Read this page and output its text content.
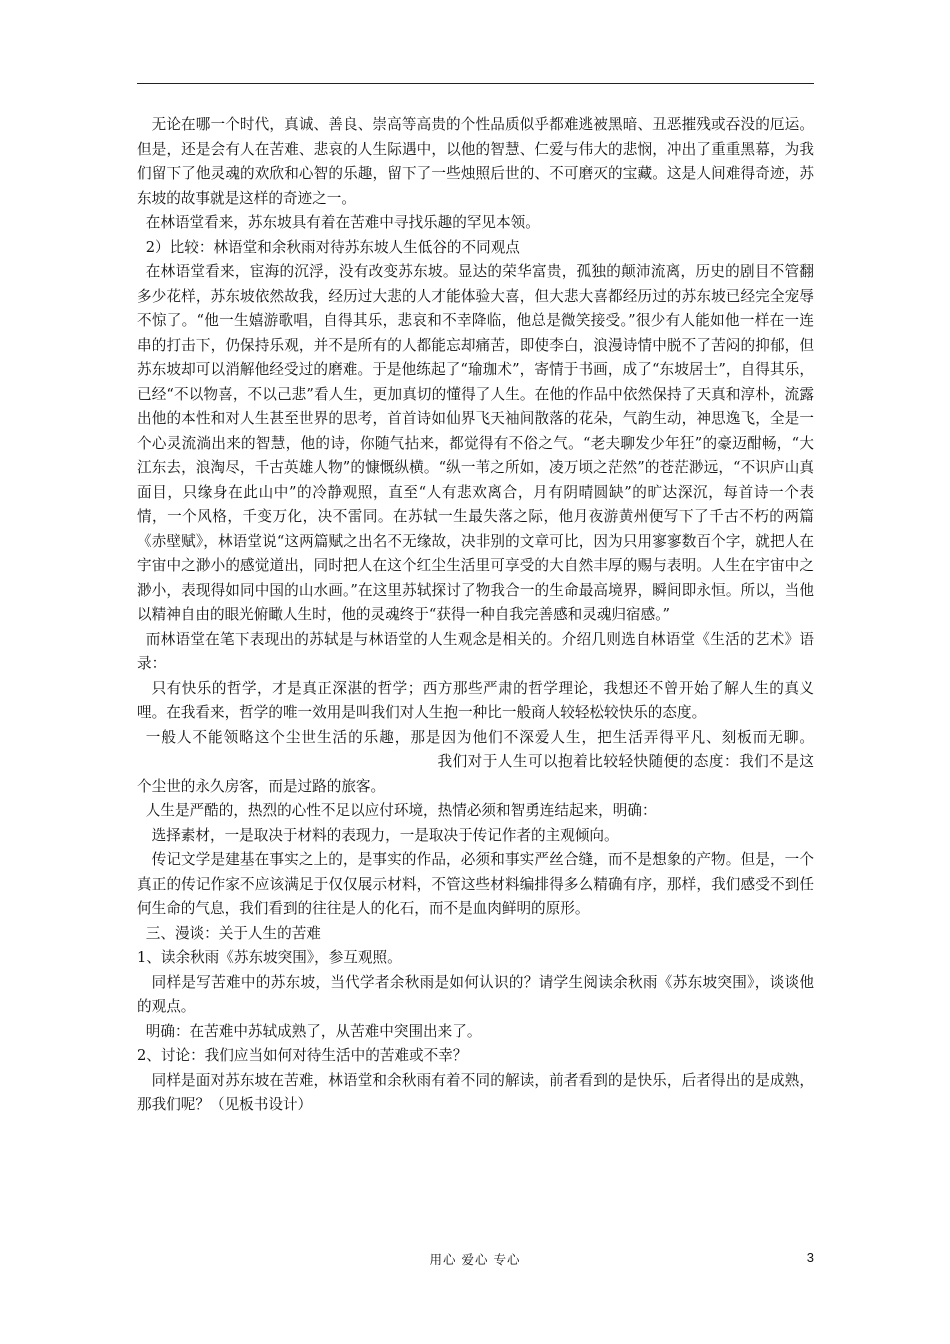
无论在哪一个时代，真诚、善良、崇高等高贵的个性品质似乎都难逃被黑暗、丑恶摧残或吞没的厄运。但是，还是会有人在苦难、悲哀的人生际遇中，以他的智慧、仁爱与伟大的悲悯，冲出了重重黑幕，为我们留下了他灵魂的欢欣和心智的乐趣，留下了一些烛照后世的、不可磨灭的宝藏。这是人间难得奇迹，苏东坡的故事就是这样的奇迹之一。

在林语堂看来，苏东坡具有着在苦难中寻找乐趣的罕见本领。

2）比较：林语堂和余秋雨对待苏东坡人生低谷的不同观点

在林语堂看来，宦海的沉浮，没有改变苏东坡。显达的荣华富贵，孤独的颠沛流离，历史的剧目不管翻多少花样，苏东坡依然故我，经历过大悲的人才能体验大喜，但大悲大喜都经历过的苏东坡已经完全宠辱不惊了。“他一生嬉游歌唱，自得其乐，悲哀和不幸降临，他总是微笑接受。”很少有人能如他一样在一连串的打击下，仍保持乐观，并不是所有的人都能忘却痛苦，即使李白，浪漫诗情中脱不了苦闷的抑郁，但苏东坡却可以消解他经受过的磨难。于是他练起了“瑜珈术”，寄情于书画，成了“东坡居士”，自得其乐，已经“不以物喜，不以己悲”看人生，更加真切的懂得了人生。在他的作品中依然保持了天真和淳朴，流露出他的本性和对人生甚至世界的思考，首首诗如仙界飞天袖间散落的花朵，气韵生动，神思逸飞，全是一个心灵流淌出来的智慧，他的诗，你随气拈来，都觉得有不俗之气。“老夫聊发少年狂”的豪迈酣畅，“大江东去，浪淘尽，千古英雄人物”的慷慨纵横。“纵一苇之所如，凌万顷之茫然”的苍茫渺远，“不识庐山真面目，只缘身在此山中”的冷静观照，直至“人有悲欢离合，月有阴晴圆缺”的旷达深沉，每首诗一个表情，一个风格，千变万化，决不雷同。在苏轼一生最失落之际，他月夜游黄州便写下了千古不朽的两篇《赤壁赋》，林语堂说“这两篇赋之出名不无缘故，决非别的文章可比，因为只用寥寥数百个字，就把人在宇宙中之渺小的感觉道出，同时把人在这个红尘生活里可享受的大自然丰厚的赐与表明。人生在宇宙中之渺小，表现得如同中国的山水画。”在这里苏轼探讨了物我合一的生命最高境界，瞬间即永恒。所以，当他以精神自由的眼光俯瞰人生时，他的灵魂终于“获得一种自我完善感和灵魂归宿感。”

而林语堂在笔下表现出的苏轼是与林语堂的人生观念是相关的。介绍几则选自林语堂《生活的艺术》语录：

只有快乐的哲学，才是真正深湛的哲学；西方那些严肃的哲学理论，我想还不曾开始了解人生的真义哩。在我看来，哲学的唯一效用是叫我们对人生抱一种比一般商人较轻松较快乐的态度。

一般人不能领略这个尘世生活的乐趣，那是因为他们不深爱人生，把生活弄得平凡、刻板而无聊。我们对于人生可以抱着比较轻快随便的态度：我们不是这个尘世的永久房客，而是过路的旅客。

人生是严酷的，热烈的心性不足以应付环境，热情必须和智勇连结起来，明确：

选择素材，一是取决于材料的表现力，一是取决于传记作者的主观倾向。

传记文学是建基在事实之上的，是事实的作品，必须和事实严丝合缝，而不是想象的产物。但是，一个真正的传记作家不应该满足于仅仅展示材料，不管这些材料编排得多么精确有序，那样，我们感受不到任何生命的气息，我们看到的往往是人的化石，而不是血肉鲜明的原形。

三、漫谈：关于人生的苦难

1、读余秋雨《苏东坡突围》，参互观照。

同样是写苦难中的苏东坡，当代学者余秋雨是如何认识的？请学生阅读余秋雨《苏东坡突围》，谈谈他的观点。

明确：在苦难中苏轼成熟了，从苦难中突围出来了。

2、讨论：我们应当如何对待生活中的苦难或不幸？

同样是面对苏东坡在苦难，林语堂和余秋雨有着不同的解读，前者看到的是快乐，后者得出的是成熟，那我们呢？（见板书设计）

用心 爱心 专心	3
